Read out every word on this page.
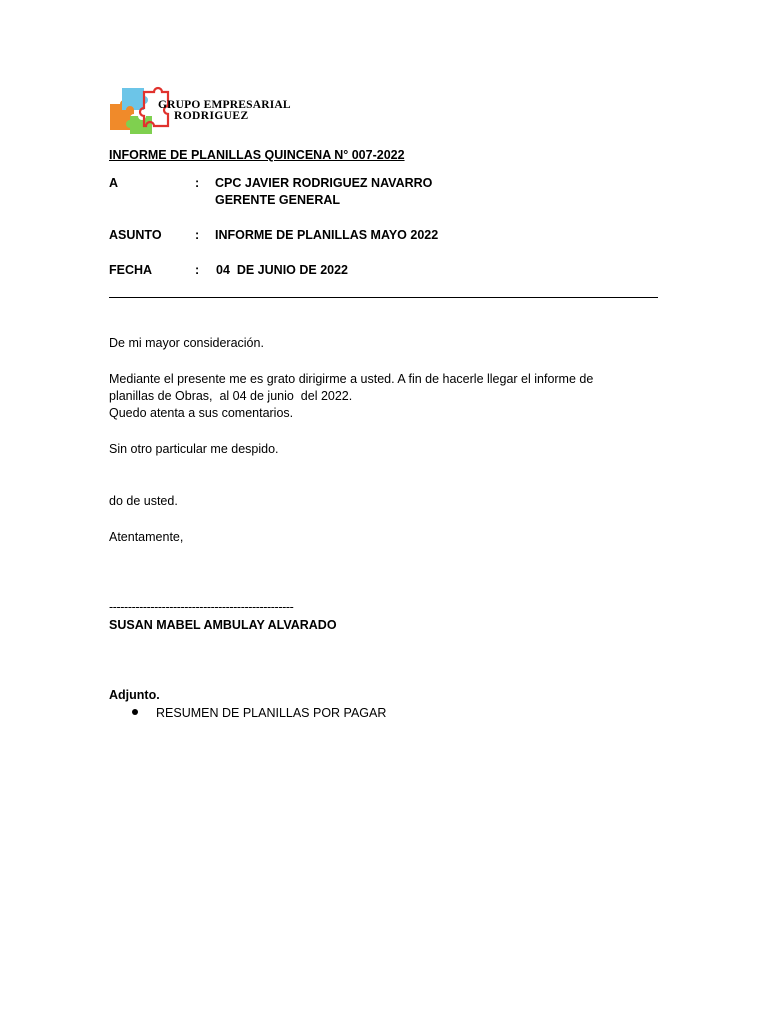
GRUPO EMPRESARIAL
RODRIGUEZ
INFORME DE PLANILLAS QUINCENA N° 007-2022
A	: CPC JAVIER RODRIGUEZ NAVARRO
GERENTE GENERAL
ASUNTO	: INFORME DE PLANILLAS MAYO 2022
FECHA	: 04  DE JUNIO DE 2022
De mi mayor consideración.
Mediante el presente me es grato dirigirme a usted. A fin de hacerle llegar el informe de
planillas de Obras,  al 04 de junio  del 2022.
Quedo atenta a sus comentarios.
Sin otro particular me despido.
do de usted.
Atentamente,
-------------------------------------------------
SUSAN MABEL AMBULAY ALVARADO
Adjunto.
RESUMEN DE PLANILLAS POR PAGAR
